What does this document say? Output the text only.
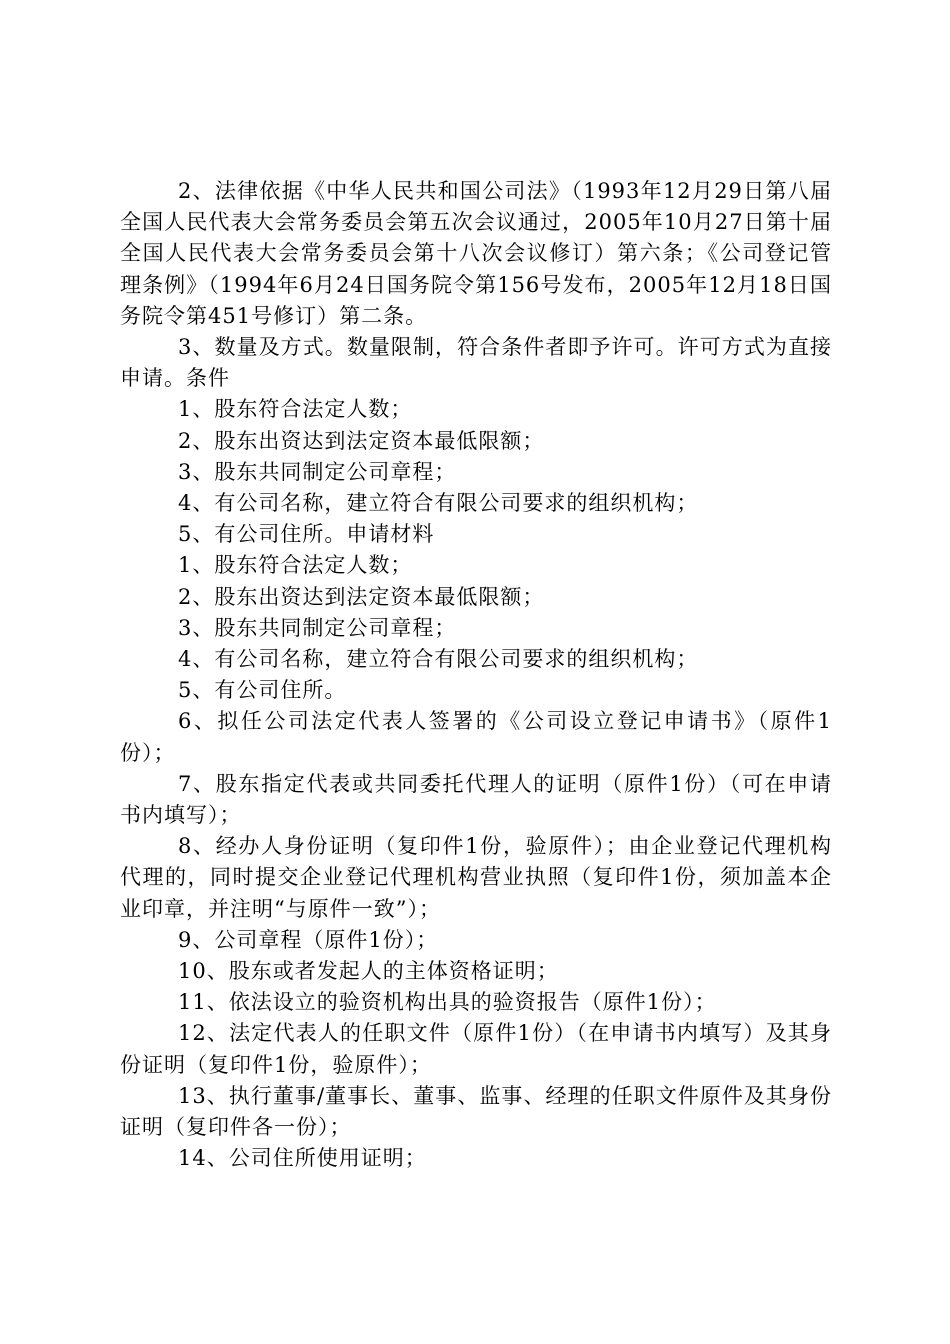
2、法律依据《中华人民共和国公司法》（1993年12月29日第八届全国人民代表大会常务委员会第五次会议通过，2005年10月27日第十届全国人民代表大会常务委员会第十八次会议修订）第六条；《公司登记管理条例》（1994年6月24日国务院令第156号发布，2005年12月18日国务院令第451号修订）第二条。

3、数量及方式。数量限制，符合条件者即予许可。许可方式为直接申请。条件

1、股东符合法定人数；

2、股东出资达到法定资本最低限额；

3、股东共同制定公司章程；

4、有公司名称，建立符合有限公司要求的组织机构；

5、有公司住所。申请材料

1、股东符合法定人数；

2、股东出资达到法定资本最低限额；

3、股东共同制定公司章程；

4、有公司名称，建立符合有限公司要求的组织机构；

5、有公司住所。

6、拟任公司法定代表人签署的《公司设立登记申请书》（原件1份）；

7、股东指定代表或共同委托代理人的证明（原件1份）（可在申请书内填写）；

8、经办人身份证明（复印件1份，验原件）；由企业登记代理机构代理的，同时提交企业登记代理机构营业执照（复印件1份，须加盖本企业印章，并注明“与原件一致”）；

9、公司章程（原件1份）；

10、股东或者发起人的主体资格证明；

11、依法设立的验资机构出具的验资报告（原件1份）；

12、法定代表人的任职文件（原件1份）（在申请书内填写）及其身份证明（复印件1份，验原件）；

13、执行董事/董事长、董事、监事、经理的任职文件原件及其身份证明（复印件各一份）；

14、公司住所使用证明；
